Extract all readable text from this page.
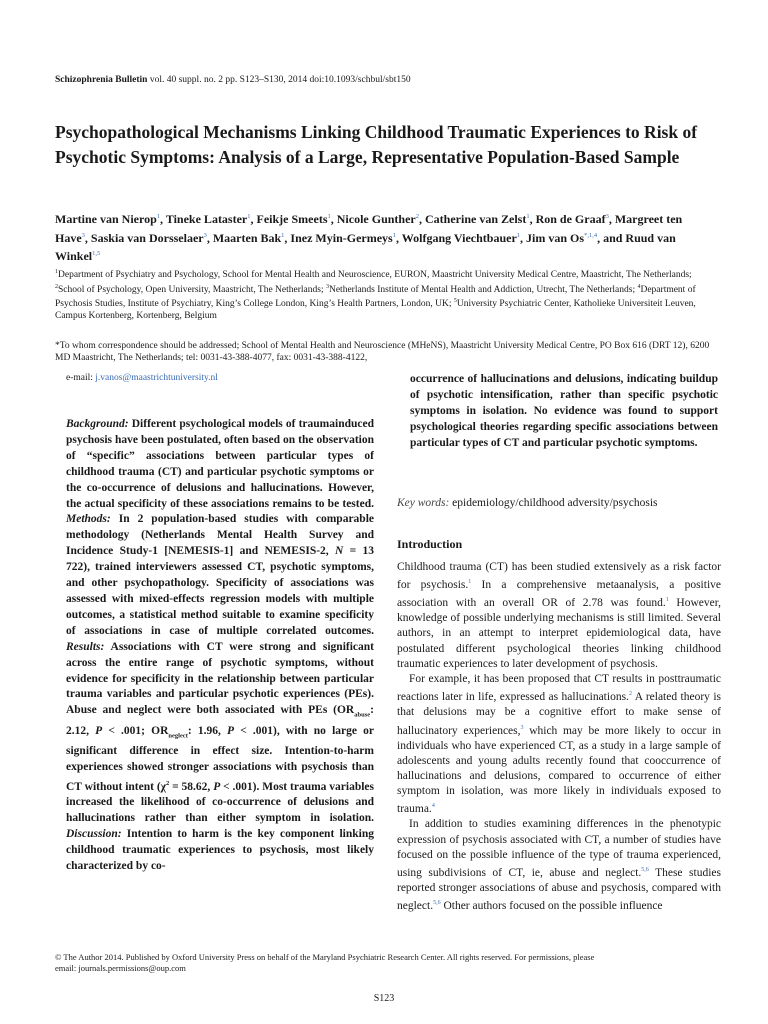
Schizophrenia Bulletin vol. 40 suppl. no. 2 pp. S123–S130, 2014 doi:10.1093/schbul/sbt150
Psychopathological Mechanisms Linking Childhood Traumatic Experiences to Risk of Psychotic Symptoms: Analysis of a Large, Representative Population-Based Sample
Martine van Nierop$^1$, Tineke Lataster$^1$, Feikje Smeets$^1$, Nicole Gunther$^2$, Catherine van Zelst$^1$, Ron de Graaf$^3$, Margreet ten Have$^3$, Saskia van Dorsselaer$^3$, Maarten Bak$^1$, Inez Myin-Germeys$^1$, Wolfgang Viechtbauer$^1$, Jim van $Os^{*,1,4}$, and Ruud van Winkel$^{1,5}$
$^1$Department of Psychiatry and Psychology, School for Mental Health and Neuroscience, EURON, Maastricht University Medical Centre, Maastricht, The Netherlands; $^2$School of Psychology, Open University, Maastricht, The Netherlands; $^3$Netherlands Institute of Mental Health and Addiction, Utrecht, The Netherlands; $^4$Department of Psychosis Studies, Institute of Psychiatry, King’s College London, King’s Health Partners, London, UK; $^5$University Psychiatric Center, Katholieke Universiteit Leuven, Campus Kortenberg, Kortenberg, Belgium
*To whom correspondence should be addressed; School of Mental Health and Neuroscience (MHeNS), Maastricht University Medical Centre, PO Box 616 (DRT 12), 6200 MD Maastricht, The Netherlands; tel: 0031-43-388-4077, fax: 0031-43-388-4122,
e-mail: j.vanos@maastrichtuniversity.nl
Background: Different psychological models of traumainduced psychosis have been postulated, often based on the observation of “specific” associations between particular types of childhood trauma (CT) and particular psychotic symptoms or the co-occurrence of delusions and hallucinations. However, the actual specificity of these associations remains to be tested. Methods: In 2 population-based studies with comparable methodology (Netherlands Mental Health Survey and Incidence Study-1 [NEMESIS-1] and NEMESIS-2, N = 13 722), trained interviewers assessed CT, psychotic symptoms, and other psychopathology. Specificity of associations was assessed with mixed-effects regression models with multiple outcomes, a statistical method suitable to examine specificity of associations in case of multiple correlated outcomes. Results: Associations with CT were strong and significant across the entire range of psychotic symptoms, without evidence for specificity in the relationship between particular trauma variables and particular psychotic experiences (PEs). Abuse and neglect were both associated with PEs ($OR_{abuse}$: 2.12, P < .001; $OR_{neglect}$: 1.96, P < .001), with no large or significant difference in effect size. Intention-to-harm experiences showed stronger associations with psychosis than CT without intent ($\chi^2 = 58.62$, P < .001). Most trauma variables increased the likelihood of co-occurrence of delusions and hallucinations rather than either symptom in isolation. Discussion: Intention to harm is the key component linking childhood traumatic experiences to psychosis, most likely characterized by co-
occurrence of hallucinations and delusions, indicating buildup of psychotic intensification, rather than specific psychotic symptoms in isolation. No evidence was found to support psychological theories regarding specific associations between particular types of CT and particular psychotic symptoms.
Key words: epidemiology/childhood adversity/psychosis
Introduction

Childhood trauma (CT) has been studied extensively as a risk factor for psychosis.$^1$ In a comprehensive metaanalysis, a positive association with an overall OR of 2.78 was found.$^1$ However, knowledge of possible underlying mechanisms is still limited. Several authors, in an attempt to interpret epidemiological data, have postulated different psychological theories linking childhood traumatic experiences to later development of psychosis.

For example, it has been proposed that CT results in posttraumatic reactions later in life, expressed as hallucinations.$^2$ A related theory is that delusions may be a cognitive effort to make sense of hallucinatory experiences,$^3$ which may be more likely to occur in individuals who have experienced CT, as a study in a large sample of adolescents and young adults recently found that cooccurrence of hallucinations and delusions, compared to occurrence of either symptom in isolation, was more likely in individuals exposed to trauma.$^4$

In addition to studies examining differences in the phenotypic expression of psychosis associated with CT, a number of studies have focused on the possible influence of the type of trauma experienced, using subdivisions of CT, ie, abuse and neglect.$^{5,6}$ These studies reported stronger associations of abuse and psychosis, compared with neglect.$^{5,6}$ Other authors focused on the possible influence

© The Author 2014. Published by Oxford University Press on behalf of the Maryland Psychiatric Research Center. All rights reserved. For permissions, please email: journals.permissions@oup.com
S123
